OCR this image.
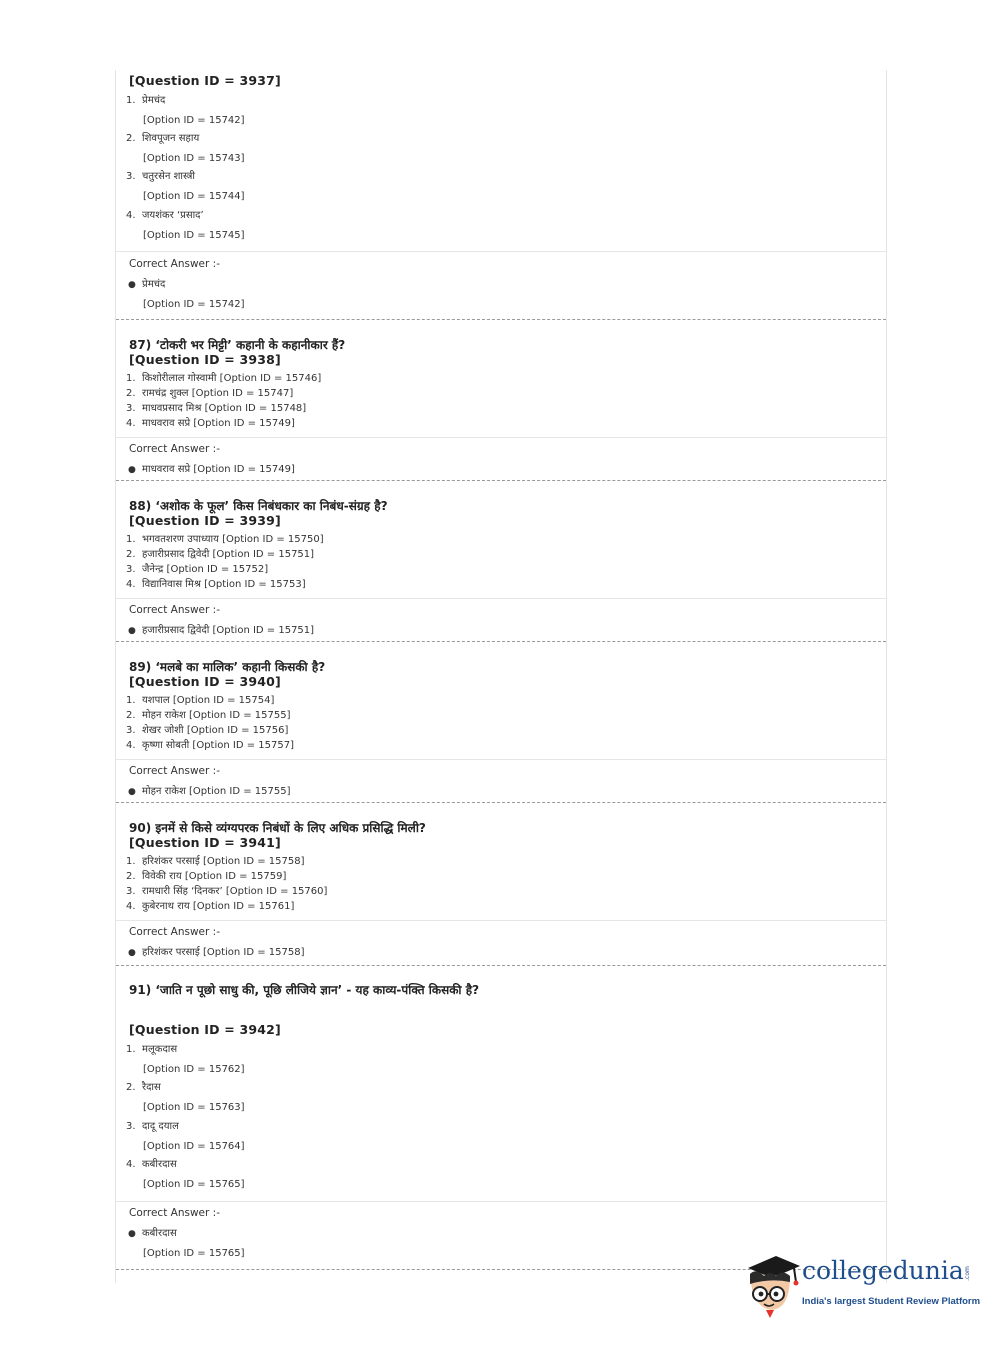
[Question ID = 3937]
1. प्रेमचंद
[Option ID = 15742]
2. शिवपूजन सहाय
[Option ID = 15743]
3. चतुरसेन शास्त्री
[Option ID = 15744]
4. जयशंकर ‘प्रसाद’
[Option ID = 15745]
Correct Answer :-
● प्रेमचंद
[Option ID = 15742]
87) ‘टोकरी भर मिट्टी’ कहानी के कहानीकार हैं?
[Question ID = 3938]
1. किशोरीलाल गोस्वामी [Option ID = 15746]
2. रामचंद्र शुक्ल [Option ID = 15747]
3. माधवप्रसाद मिश्र [Option ID = 15748]
4. माधवराव सप्रे [Option ID = 15749]
Correct Answer :-
● माधवराव सप्रे [Option ID = 15749]
88) ‘अशोक के फूल’ किस निबंधकार का निबंध-संग्रह है?
[Question ID = 3939]
1. भगवतशरण उपाध्याय [Option ID = 15750]
2. हजारीप्रसाद द्विवेदी [Option ID = 15751]
3. जैनेन्द्र [Option ID = 15752]
4. विद्यानिवास मिश्र [Option ID = 15753]
Correct Answer :-
● हजारीप्रसाद द्विवेदी [Option ID = 15751]
89) ‘मलबे का मालिक’ कहानी किसकी है?
[Question ID = 3940]
1. यशपाल [Option ID = 15754]
2. मोहन राकेश [Option ID = 15755]
3. शेखर जोशी [Option ID = 15756]
4. कृष्णा सोबती [Option ID = 15757]
Correct Answer :-
● मोहन राकेश [Option ID = 15755]
90) इनमें से किसे व्यंग्यपरक निबंधों के लिए अधिक प्रसिद्धि मिली?
[Question ID = 3941]
1. हरिशंकर परसाई [Option ID = 15758]
2. विवेकी राय [Option ID = 15759]
3. रामधारी सिंह ‘दिनकर’ [Option ID = 15760]
4. कुबेरनाथ राय [Option ID = 15761]
Correct Answer :-
● हरिशंकर परसाई [Option ID = 15758]
91) ‘जाति न पूछो साधु की, पूछि लीजिये ज्ञान’ - यह काव्य-पंक्ति किसकी है?
[Question ID = 3942]
1. मलूकदास
[Option ID = 15762]
2. रैदास
[Option ID = 15763]
3. दादू दयाल
[Option ID = 15764]
4. कबीरदास
[Option ID = 15765]
Correct Answer :-
● कबीरदास
[Option ID = 15765]
collegedunia .com
India's largest Student Review Platform
